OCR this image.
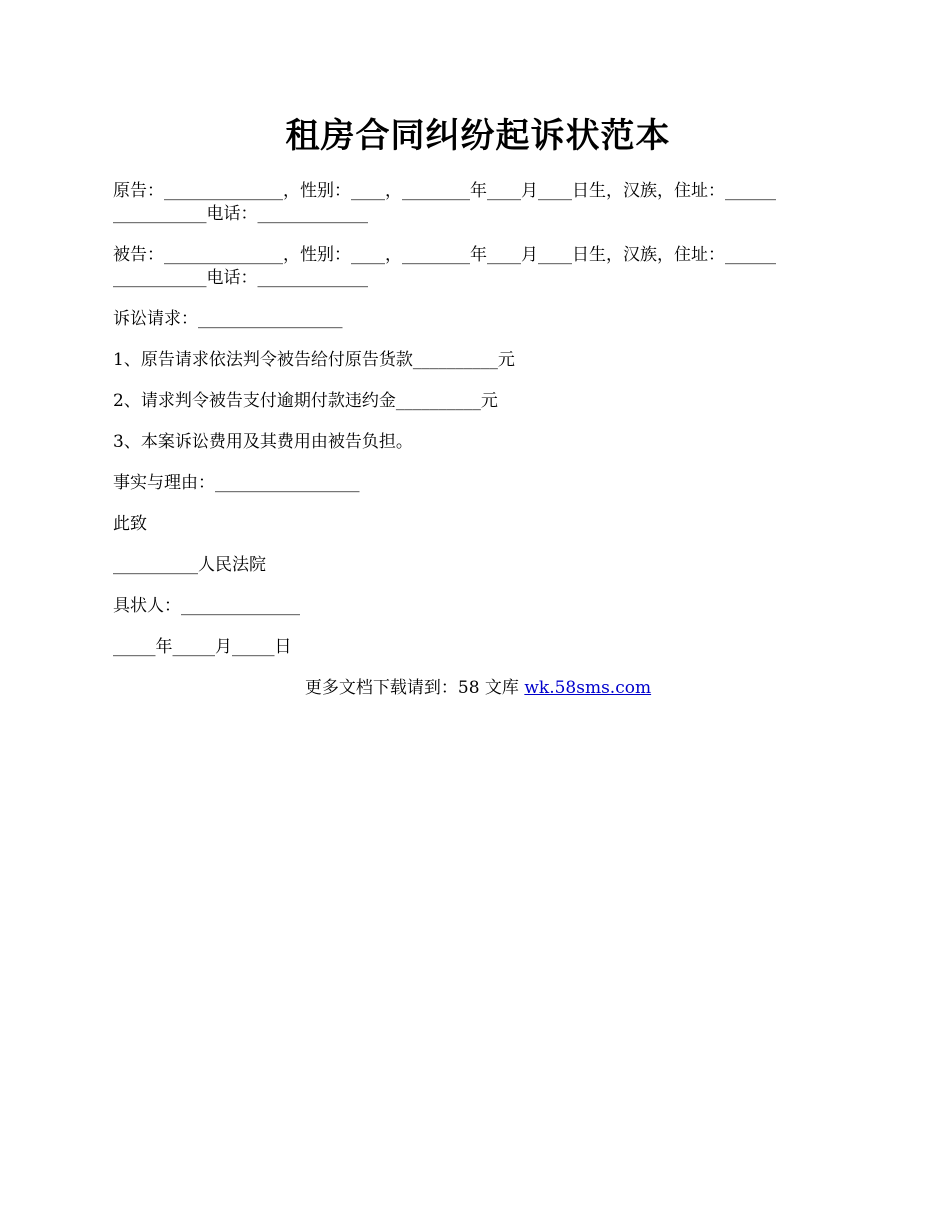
租房合同纠纷起诉状范本
原告：______________，性别：____，________年____月____日生，汉族，住址：______
___________电话：_____________
被告：______________，性别：____，________年____月____日生，汉族，住址：______
___________电话：_____________

诉讼请求：_________________

1、原告请求依法判令被告给付原告货款__________元

2、请求判令被告支付逾期付款违约金__________元

3、本案诉讼费用及其费用由被告负担。

事实与理由：_________________

此致

__________人民法院

具状人：______________

_____年_____月_____日

更多文档下载请到：58 文库 wk.58sms.com
